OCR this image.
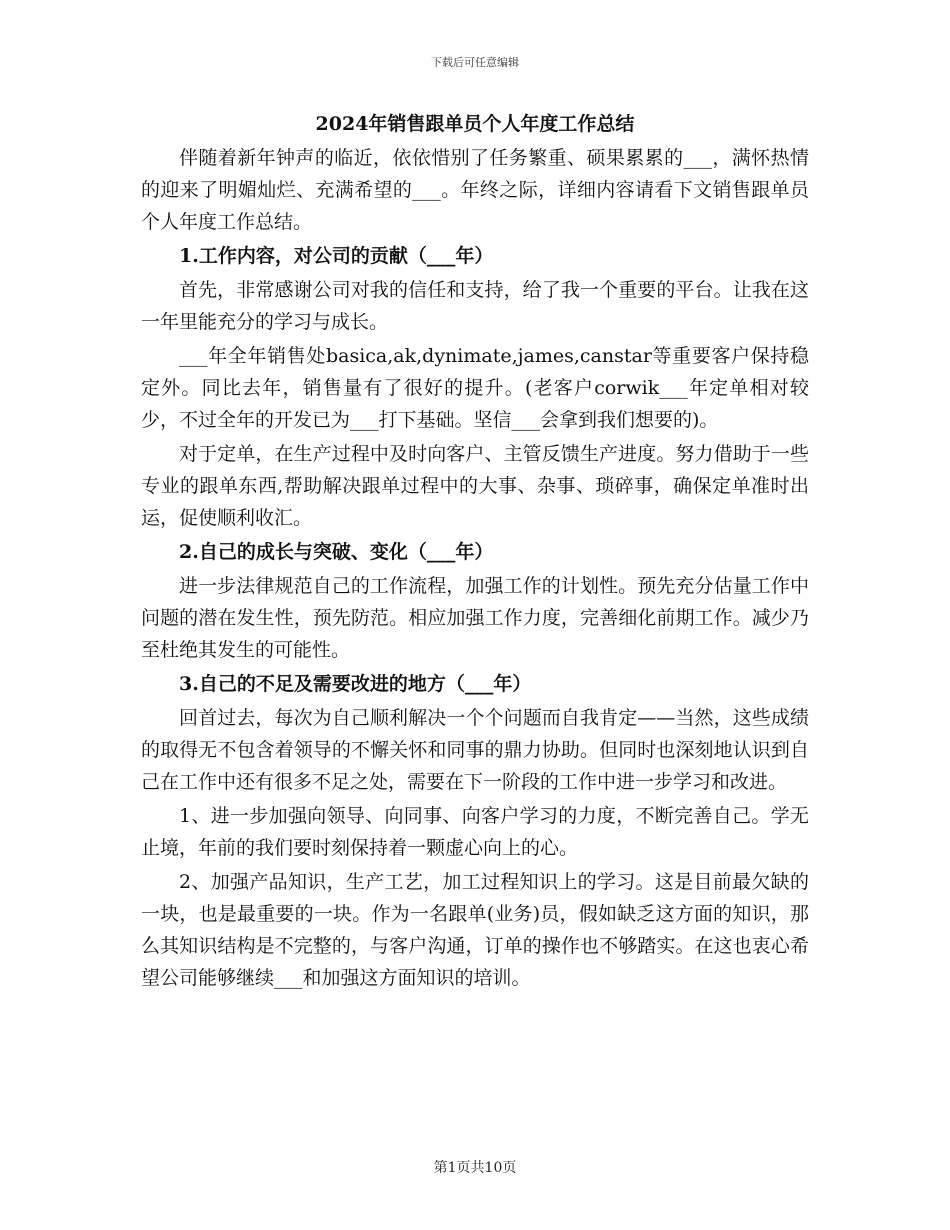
下载后可任意编辑
2024年销售跟单员个人年度工作总结

伴随着新年钟声的临近，依依惜别了任务繁重、硕果累累的___，满怀热情的迎来了明媚灿烂、充满希望的___。年终之际，详细内容请看下文销售跟单员个人年度工作总结。

1.工作内容，对公司的贡献（___年）

首先，非常感谢公司对我的信任和支持，给了我一个重要的平台。让我在这一年里能充分的学习与成长。

___年全年销售处basica,ak,dynimate,james,canstar等重要客户保持稳定外。同比去年，销售量有了很好的提升。(老客户corwik___年定单相对较少，不过全年的开发已为___打下基础。坚信___会拿到我们想要的)。

对于定单，在生产过程中及时向客户、主管反馈生产进度。努力借助于一些专业的跟单东西,帮助解决跟单过程中的大事、杂事、琐碎事，确保定单准时出运，促使顺利收汇。

2.自己的成长与突破、变化（___年）

进一步法律规范自己的工作流程，加强工作的计划性。预先充分估量工作中问题的潜在发生性，预先防范。相应加强工作力度，完善细化前期工作。减少乃至杜绝其发生的可能性。

3.自己的不足及需要改进的地方（___年）

回首过去，每次为自己顺利解决一个个问题而自我肯定——当然，这些成绩的取得无不包含着领导的不懈关怀和同事的鼎力协助。但同时也深刻地认识到自己在工作中还有很多不足之处，需要在下一阶段的工作中进一步学习和改进。

1、进一步加强向领导、向同事、向客户学习的力度，不断完善自己。学无止境，年前的我们要时刻保持着一颗虚心向上的心。

2、加强产品知识，生产工艺，加工过程知识上的学习。这是目前最欠缺的一块，也是最重要的一块。作为一名跟单(业务)员，假如缺乏这方面的知识，那么其知识结构是不完整的，与客户沟通，订单的操作也不够踏实。在这也衷心希望公司能够继续___和加强这方面知识的培训。

第1页共10页
